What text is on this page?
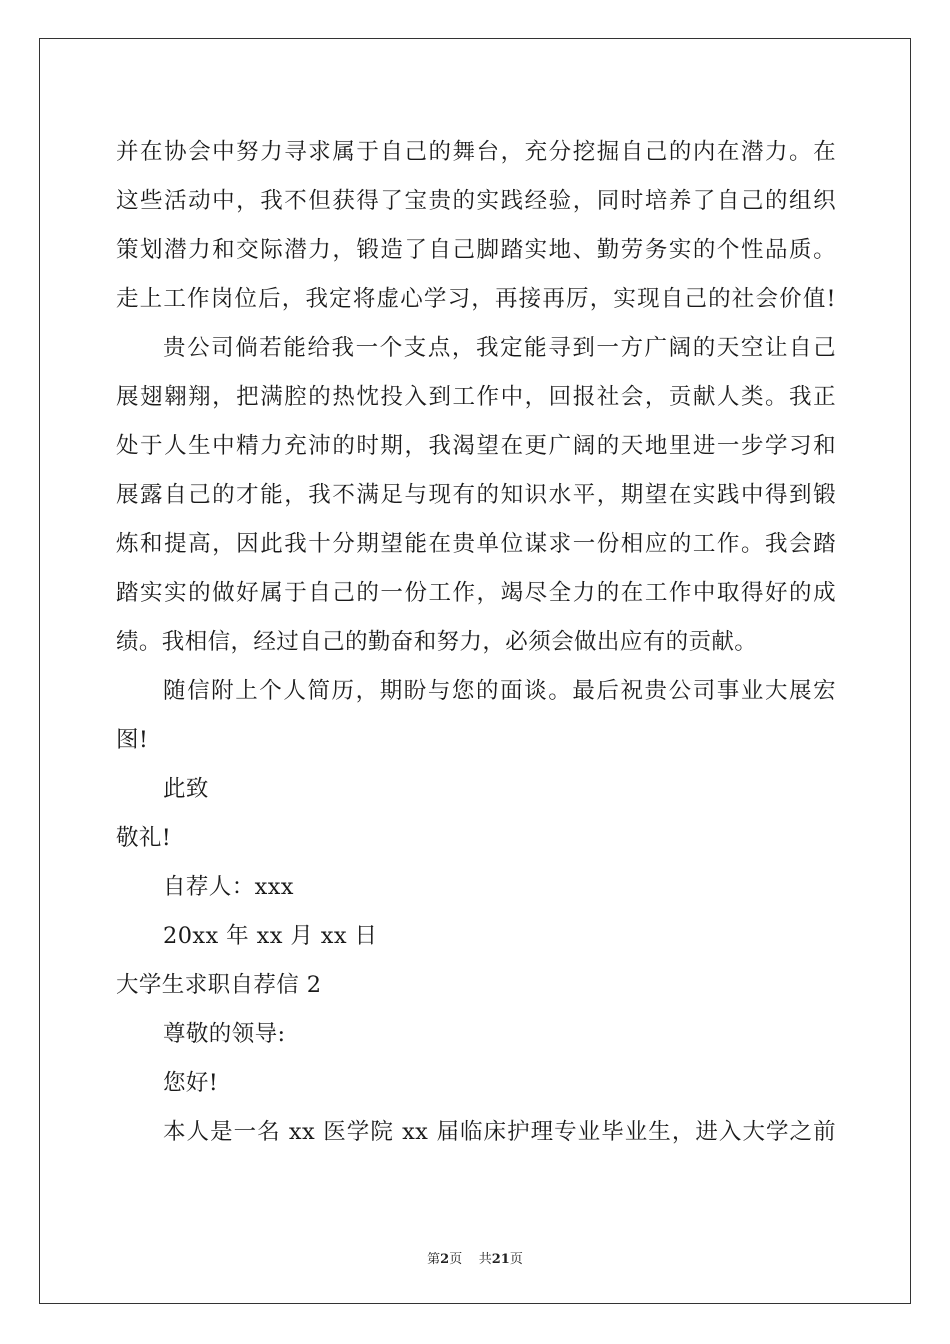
并在协会中努力寻求属于自己的舞台，充分挖掘自己的内在潜力。在
这些活动中，我不但获得了宝贵的实践经验，同时培养了自己的组织
策划潜力和交际潜力，锻造了自己脚踏实地、勤劳务实的个性品质。
走上工作岗位后，我定将虚心学习，再接再厉，实现自己的社会价值!
贵公司倘若能给我一个支点，我定能寻到一方广阔的天空让自己
展翅翱翔，把满腔的热忱投入到工作中，回报社会，贡献人类。我正
处于人生中精力充沛的时期，我渴望在更广阔的天地里进一步学习和
展露自己的才能，我不满足与现有的知识水平，期望在实践中得到锻
炼和提高，因此我十分期望能在贵单位谋求一份相应的工作。我会踏
踏实实的做好属于自己的一份工作，竭尽全力的在工作中取得好的成
绩。我相信，经过自己的勤奋和努力，必须会做出应有的贡献。
随信附上个人简历，期盼与您的面谈。最后祝贵公司事业大展宏
图!
此致
敬礼!
自荐人：xxx
20xx 年 xx 月 xx 日
大学生求职自荐信 2
尊敬的领导:
您好!
本人是一名 xx 医学院 xx 届临床护理专业毕业生，进入大学之前
第2页 共21页
